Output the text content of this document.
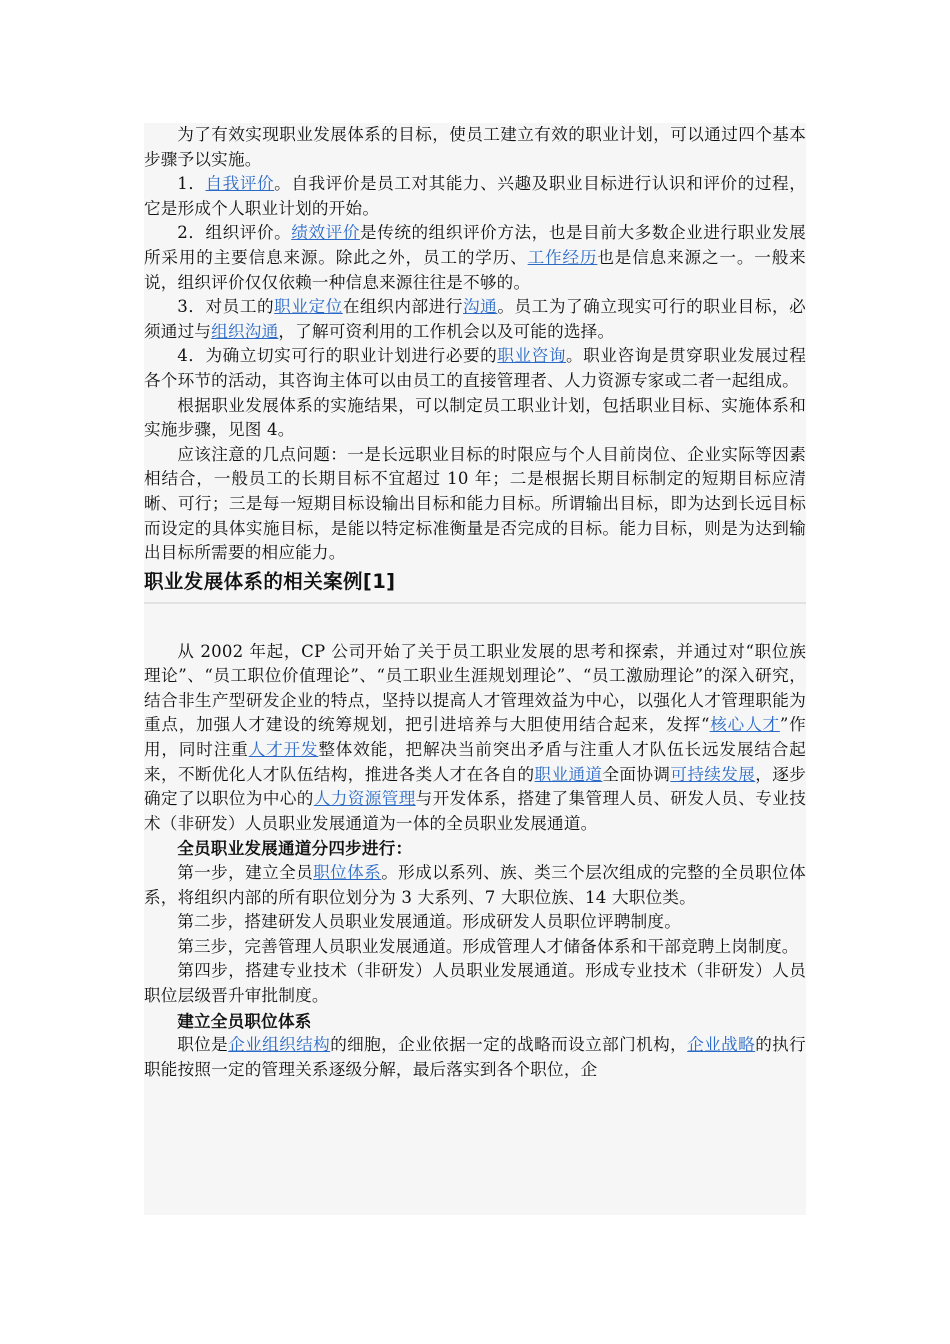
为了有效实现职业发展体系的目标，使员工建立有效的职业计划，可以通过四个基本步骤予以实施。

1．自我评价。自我评价是员工对其能力、兴趣及职业目标进行认识和评价的过程，它是形成个人职业计划的开始。

2．组织评价。绩效评价是传统的组织评价方法，也是目前大多数企业进行职业发展所采用的主要信息来源。除此之外，员工的学历、工作经历也是信息来源之一。一般来说，组织评价仅仅依赖一种信息来源往往是不够的。

3．对员工的职业定位在组织内部进行沟通。员工为了确立现实可行的职业目标，必须通过与组织沟通，了解可资利用的工作机会以及可能的选择。

4．为确立切实可行的职业计划进行必要的职业咨询。职业咨询是贯穿职业发展过程各个环节的活动，其咨询主体可以由员工的直接管理者、人力资源专家或二者一起组成。

根据职业发展体系的实施结果，可以制定员工职业计划，包括职业目标、实施体系和实施步骤，见图 4。

应该注意的几点问题：一是长远职业目标的时限应与个人目前岗位、企业实际等因素相结合，一般员工的长期目标不宜超过 10 年；二是根据长期目标制定的短期目标应清晰、可行；三是每一短期目标设输出目标和能力目标。所谓输出目标，即为达到长远目标而设定的具体实施目标，是能以特定标准衡量是否完成的目标。能力目标，则是为达到输出目标所需要的相应能力。

职业发展体系的相关案例[1]

从 2002 年起，CP 公司开始了关于员工职业发展的思考和探索，并通过对“职位族理论”、“员工职位价值理论”、“员工职业生涯规划理论”、“员工激励理论”的深入研究，结合非生产型研发企业的特点，坚持以提高人才管理效益为中心，以强化人才管理职能为重点，加强人才建设的统筹规划，把引进培养与大胆使用结合起来，发挥“核心人才”作用，同时注重人才开发整体效能，把解决当前突出矛盾与注重人才队伍长远发展结合起来，不断优化人才队伍结构，推进各类人才在各自的职业通道全面协调可持续发展，逐步确定了以职位为中心的人力资源管理与开发体系，搭建了集管理人员、研发人员、专业技术（非研发）人员职业发展通道为一体的全员职业发展通道。

全员职业发展通道分四步进行：

第一步，建立全员职位体系。形成以系列、族、类三个层次组成的完整的全员职位体系，将组织内部的所有职位划分为 3 大系列、7 大职位族、14 大职位类。

第二步，搭建研发人员职业发展通道。形成研发人员职位评聘制度。

第三步，完善管理人员职业发展通道。形成管理人才储备体系和干部竞聘上岗制度。

第四步，搭建专业技术（非研发）人员职业发展通道。形成专业技术（非研发）人员职位层级晋升审批制度。

建立全员职位体系

职位是企业组织结构的细胞，企业依据一定的战略而设立部门机构，企业战略的执行职能按照一定的管理关系逐级分解，最后落实到各个职位，企
